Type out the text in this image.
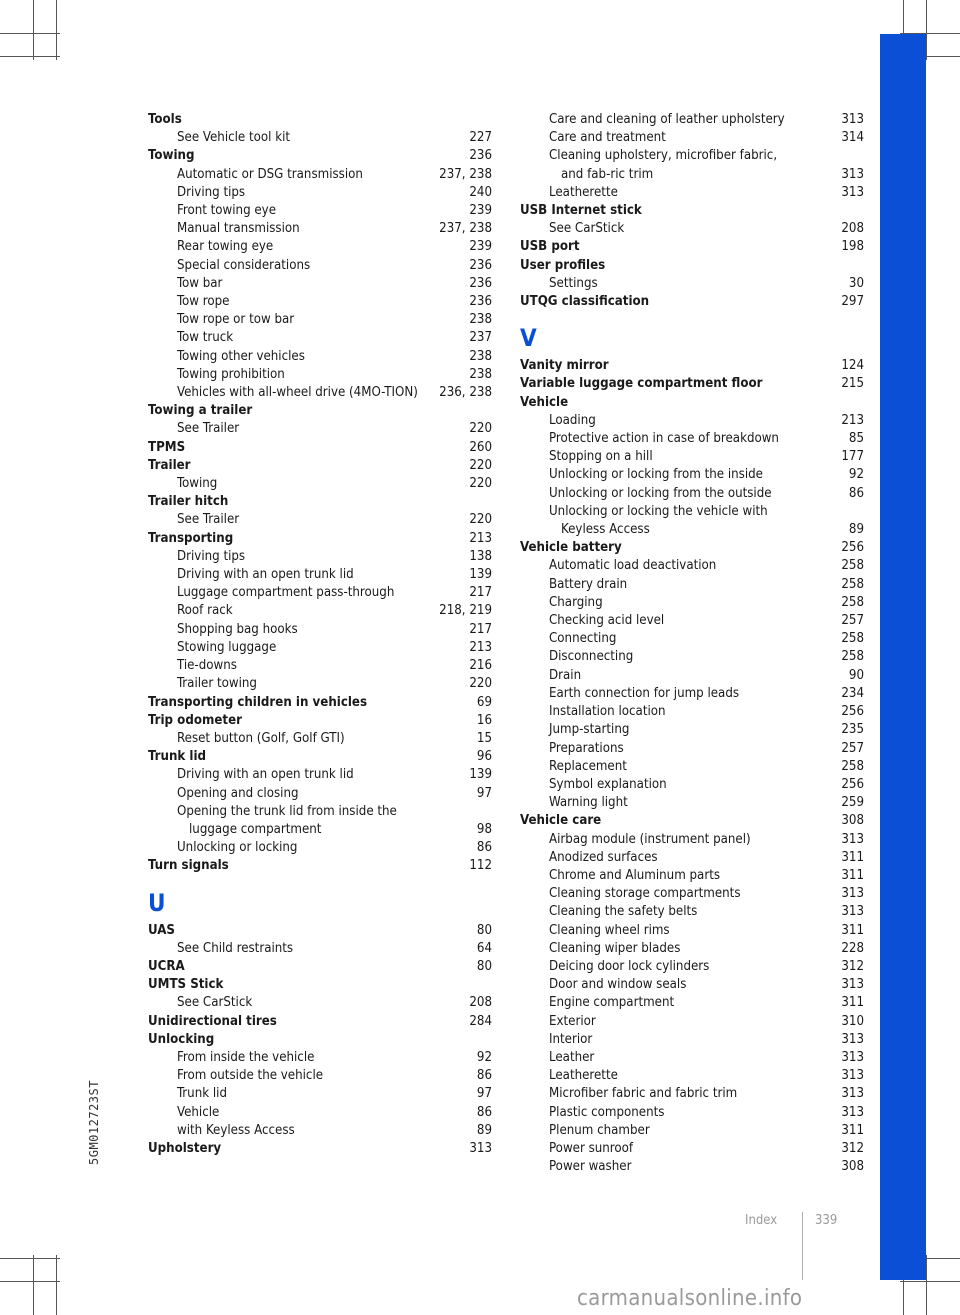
5GM012723ST
Tools
See Vehicle tool kit	227
Towing	236
Automatic or DSG transmission	237, 238
Driving tips	240
Front towing eye	239
Manual transmission	237, 238
Rear towing eye	239
Special considerations	236
Tow bar	236
Tow rope	236
Tow rope or tow bar	238
Tow truck	237
Towing other vehicles	238
Towing prohibition	238
Vehicles with all-wheel drive (4MO-TION)	236, 238
Towing a trailer
See Trailer	220
TPMS	260
Trailer	220
Towing	220
Trailer hitch
See Trailer	220
Transporting	213
Driving tips	138
Driving with an open trunk lid	139
Luggage compartment pass-through	217
Roof rack	218, 219
Shopping bag hooks	217
Stowing luggage	213
Tie-downs	216
Trailer towing	220
Transporting children in vehicles	69
Trip odometer	16
Reset button (Golf, Golf GTI)	15
Trunk lid	96
Driving with an open trunk lid	139
Opening and closing	97
Opening the trunk lid from inside the luggage compartment	98
Unlocking or locking	86
Turn signals	112
U
UAS	80
See Child restraints	64
UCRA	80
UMTS Stick
See CarStick	208
Unidirectional tires	284
Unlocking
From inside the vehicle	92
From outside the vehicle	86
Trunk lid	97
Vehicle	86
with Keyless Access	89
Upholstery	313
Care and cleaning of leather upholstery	313
Care and treatment	314
Cleaning upholstery, microfiber fabric, and fab-ric trim	313
Leatherette	313
USB Internet stick
See CarStick	208
USB port	198
User profiles
Settings	30
UTQG classification	297
V
Vanity mirror	124
Variable luggage compartment floor	215
Vehicle
Loading	213
Protective action in case of breakdown	85
Stopping on a hill	177
Unlocking or locking from the inside	92
Unlocking or locking from the outside	86
Unlocking or locking the vehicle with Keyless Access	89
Vehicle battery	256
Automatic load deactivation	258
Battery drain	258
Charging	258
Checking acid level	257
Connecting	258
Disconnecting	258
Drain	90
Earth connection for jump leads	234
Installation location	256
Jump-starting	235
Preparations	257
Replacement	258
Symbol explanation	256
Warning light	259
Vehicle care	308
Airbag module (instrument panel)	313
Anodized surfaces	311
Chrome and Aluminum parts	311
Cleaning storage compartments	313
Cleaning the safety belts	313
Cleaning wheel rims	311
Cleaning wiper blades	228
Deicing door lock cylinders	312
Door and window seals	313
Engine compartment	311
Exterior	310
Interior	313
Leather	313
Leatherette	313
Microfiber fabric and fabric trim	313
Plastic components	313
Plenum chamber	311
Power sunroof	312
Power washer	308
Index	339
carmanualsonline.info
